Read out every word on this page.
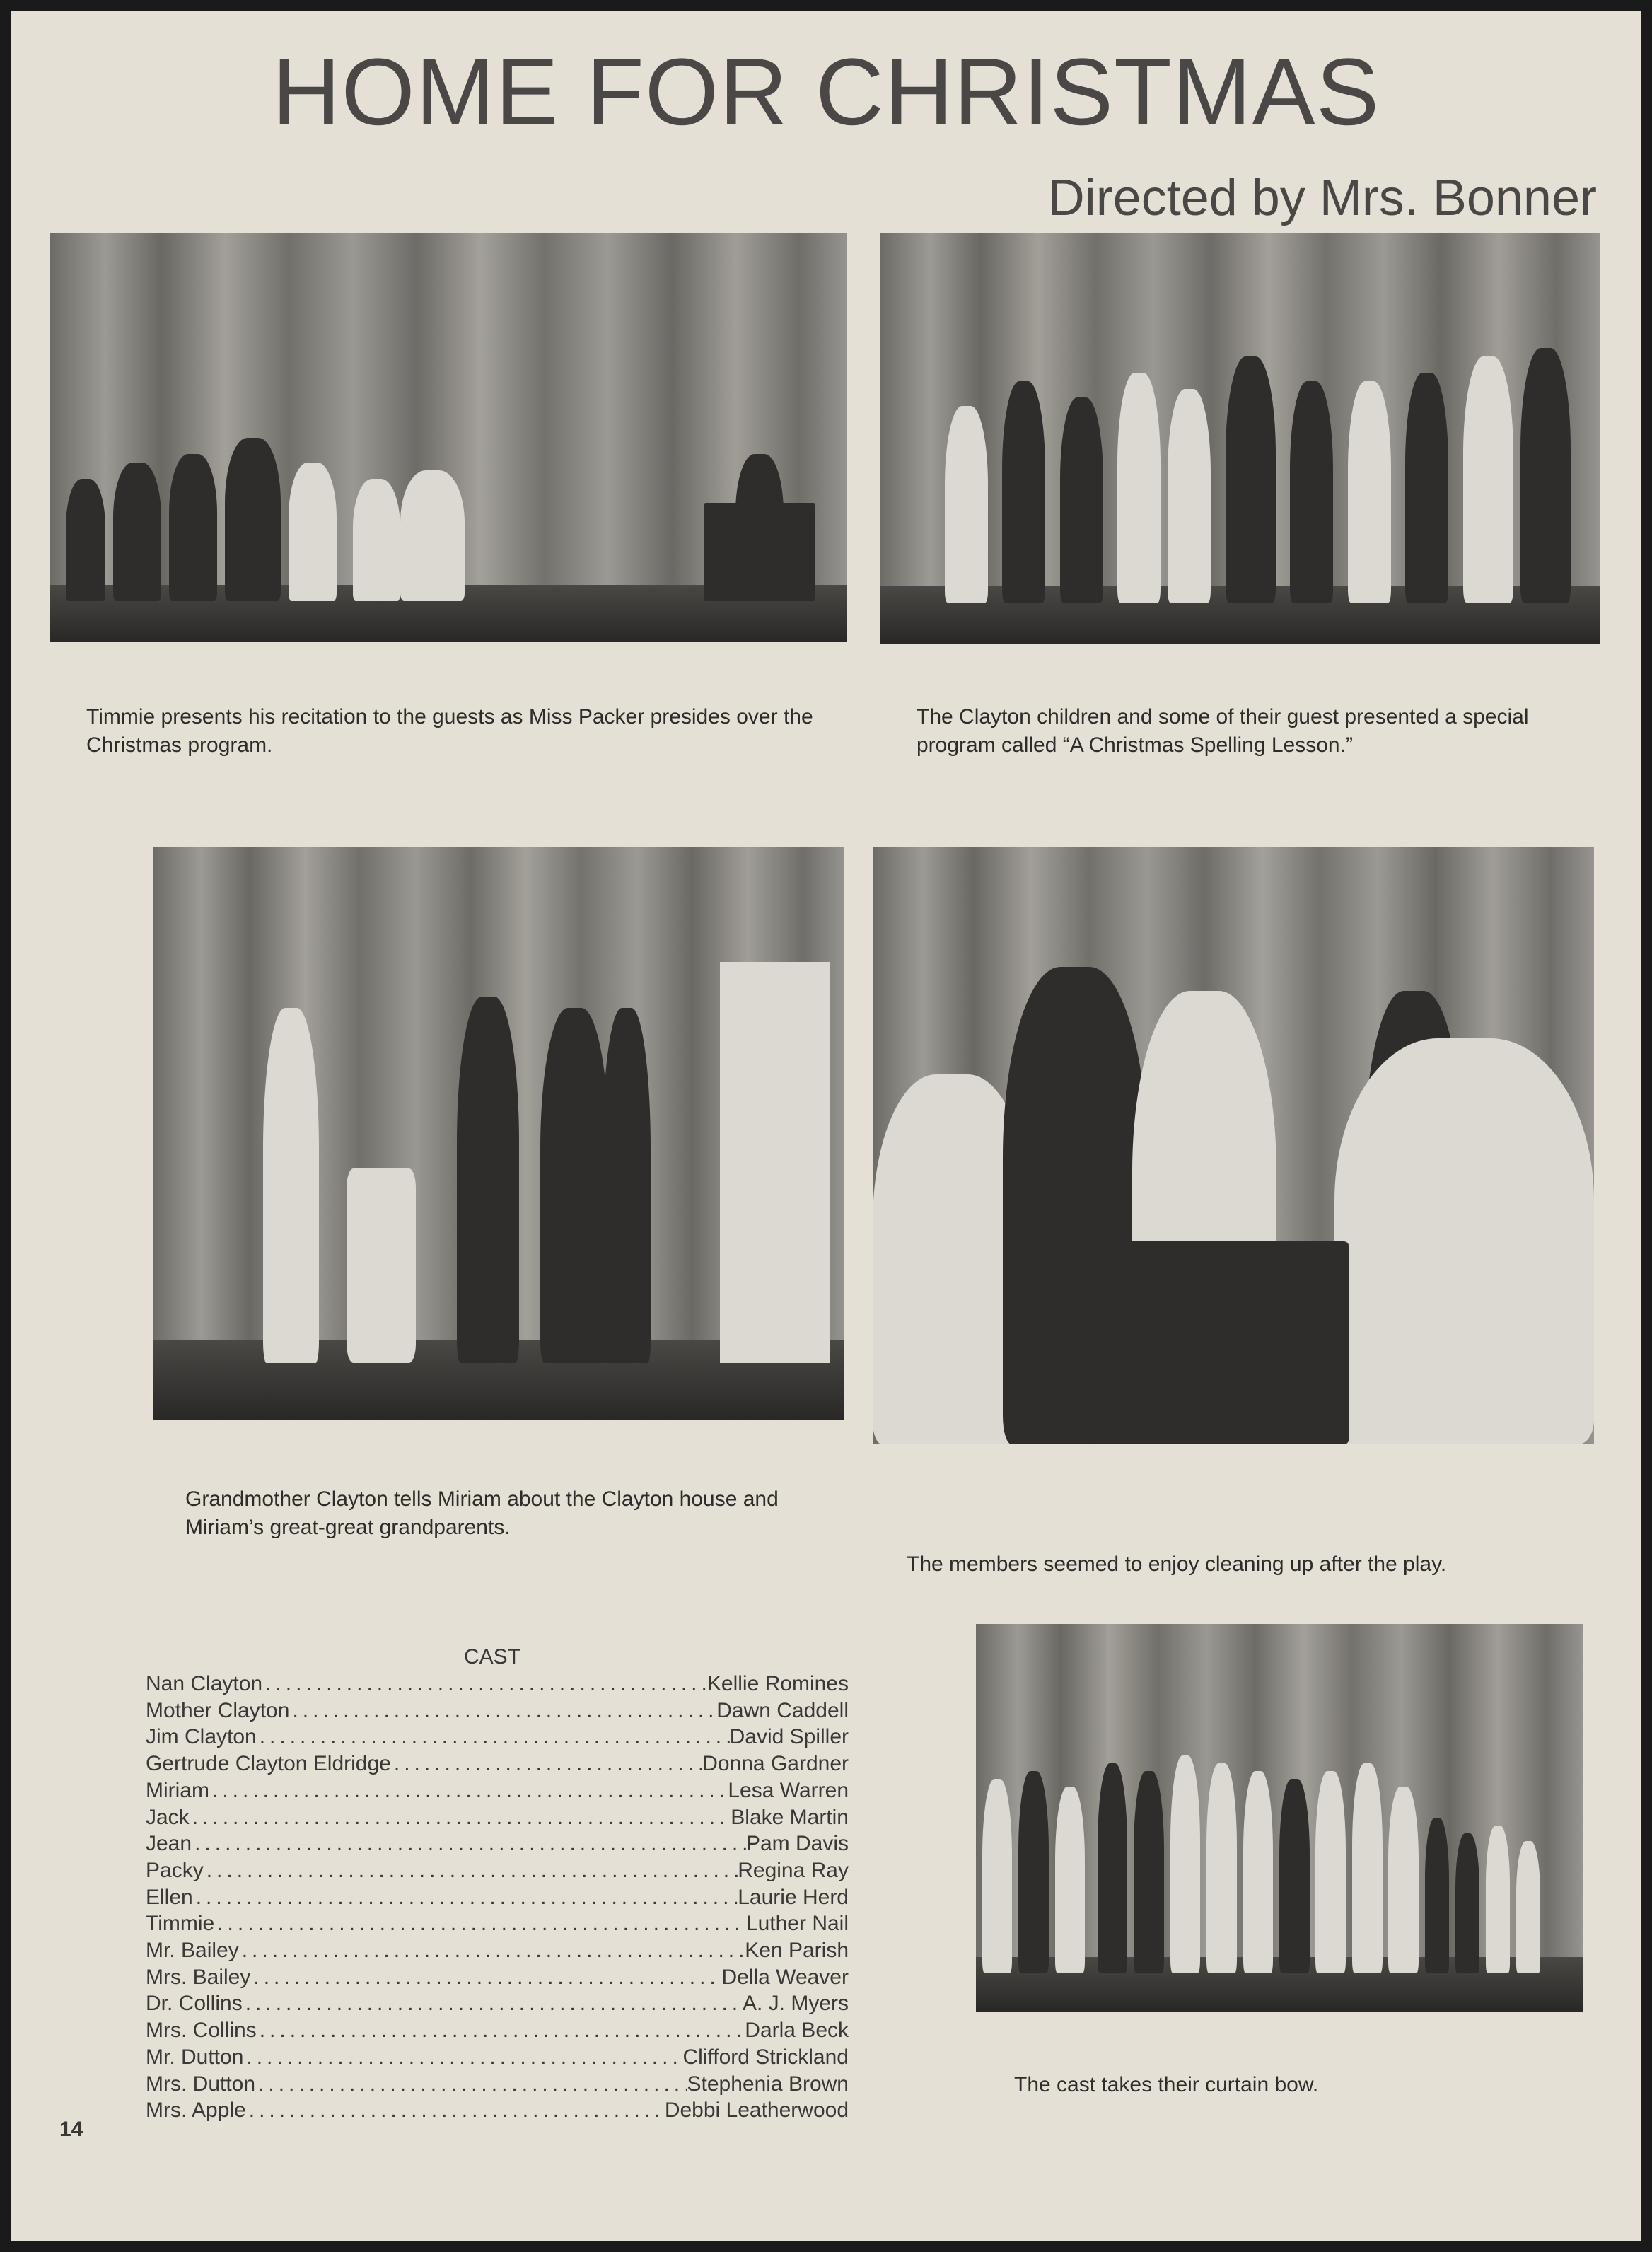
HOME FOR CHRISTMAS
Directed by Mrs. Bonner
Timmie presents his recitation to the guests as Miss Packer presides over the Christmas program.
The Clayton children and some of their guest presented a special program called “A Christmas Spelling Lesson.”
Grandmother Clayton tells Miriam about the Clayton house and Miriam’s great-great grandparents.
The members seemed to enjoy cleaning up after the play.
CAST
Nan Clayton .....	Kellie Romines
Mother Clayton .....	Dawn Caddell
Jim Clayton .....	David Spiller
Gertrude Clayton Eldridge .....	Donna Gardner
Miriam .....	Lesa Warren
Jack .....	Blake Martin
Jean .....	Pam Davis
Packy .....	Regina Ray
Ellen .....	Laurie Herd
Timmie .....	Luther Nail
Mr. Bailey .....	Ken Parish
Mrs. Bailey .....	Della Weaver
Dr. Collins .....	A. J. Myers
Mrs. Collins .....	Darla Beck
Mr. Dutton .....	Clifford Strickland
Mrs. Dutton .....	Stephenia Brown
Mrs. Apple .....	Debbi Leatherwood
The cast takes their curtain bow.
14
